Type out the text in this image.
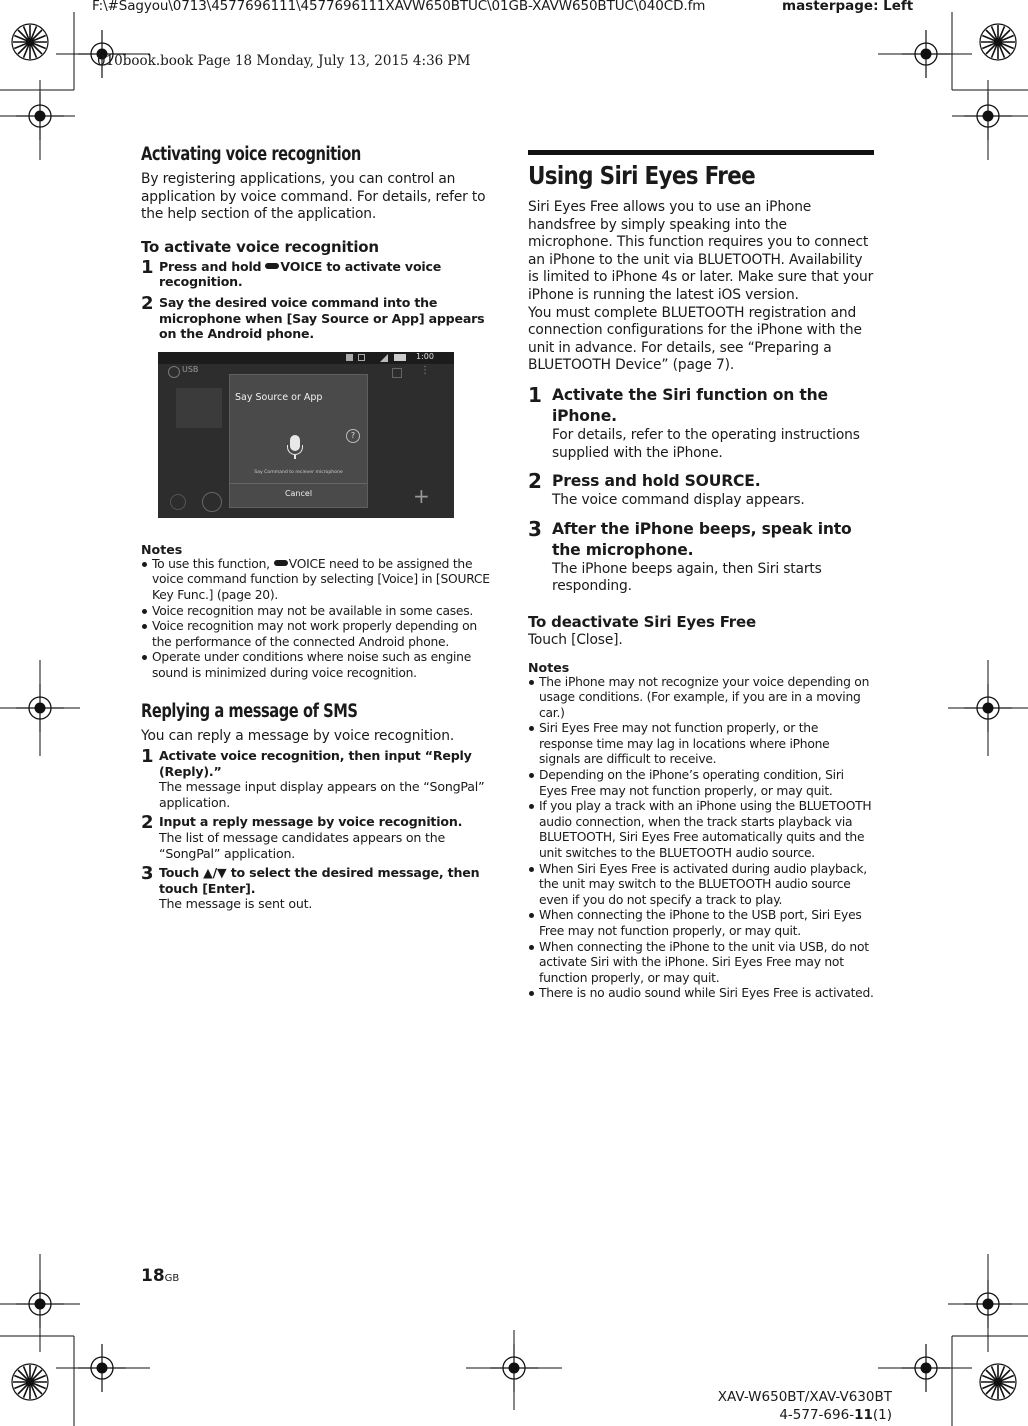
F:\#Sagyou\0713\4577696111\4577696111XAVW650BTUC\01GB-XAVW650BTUC\040CD.fm	masterpage: Left
010book.book Page 18 Monday, July 13, 2015 4:36 PM
Activating voice recognition

By registering applications, you can control an application by voice command. For details, refer to the help section of the application.

To activate voice recognition
1 Press and hold VOICE to activate voice recognition.
2 Say the desired voice command into the microphone when [Say Source or App] appears on the Android phone.
1:00
USB	⋮
+
Say Source or App
?
Say Command to reciever microphone
Cancel

Notes

To use this function, VOICE need to be assigned the voice command function by selecting [Voice] in [SOURCE Key Func.] (page 20).
Voice recognition may not be available in some cases.
Voice recognition may not work properly depending on the performance of the connected Android phone.
Operate under conditions where noise such as engine sound is minimized during voice recognition.
Replying a message of SMS

You can reply a message by voice recognition.

1 Activate voice recognition, then input “Reply (Reply).”
The message input display appears on the “SongPal” application.
2 Input a reply message by voice recognition.
The list of message candidates appears on the “SongPal” application.
3 Touch ▲/▼ to select the desired message, then touch [Enter].
The message is sent out.
Using Siri Eyes Free

Siri Eyes Free allows you to use an iPhone handsfree by simply speaking into the microphone. This function requires you to connect an iPhone to the unit via BLUETOOTH. Availability is limited to iPhone 4s or later. Make sure that your iPhone is running the latest iOS version.

You must complete BLUETOOTH registration and connection configurations for the iPhone with the unit in advance. For details, see “Preparing a BLUETOOTH Device” (page 7).

1 Activate the Siri function on the iPhone.
For details, refer to the operating instructions supplied with the iPhone.
2 Press and hold SOURCE.
The voice command display appears.
3 After the iPhone beeps, speak into the microphone.
The iPhone beeps again, then Siri starts responding.
To deactivate Siri Eyes Free

Touch [Close].

Notes

The iPhone may not recognize your voice depending on usage conditions. (For example, if you are in a moving car.)
Siri Eyes Free may not function properly, or the response time may lag in locations where iPhone signals are difficult to receive.
Depending on the iPhone’s operating condition, Siri Eyes Free may not function properly, or may quit.
If you play a track with an iPhone using the BLUETOOTH audio connection, when the track starts playback via BLUETOOTH, Siri Eyes Free automatically quits and the unit switches to the BLUETOOTH audio source.
When Siri Eyes Free is activated during audio playback, the unit may switch to the BLUETOOTH audio source even if you do not specify a track to play.
When connecting the iPhone to the USB port, Siri Eyes Free may not function properly, or may quit.
When connecting the iPhone to the unit via USB, do not activate Siri with the iPhone. Siri Eyes Free may not function properly, or may quit.
There is no audio sound while Siri Eyes Free is activated.
18GB
XAV-W650BT/XAV-V630BT
4-577-696-11(1)
